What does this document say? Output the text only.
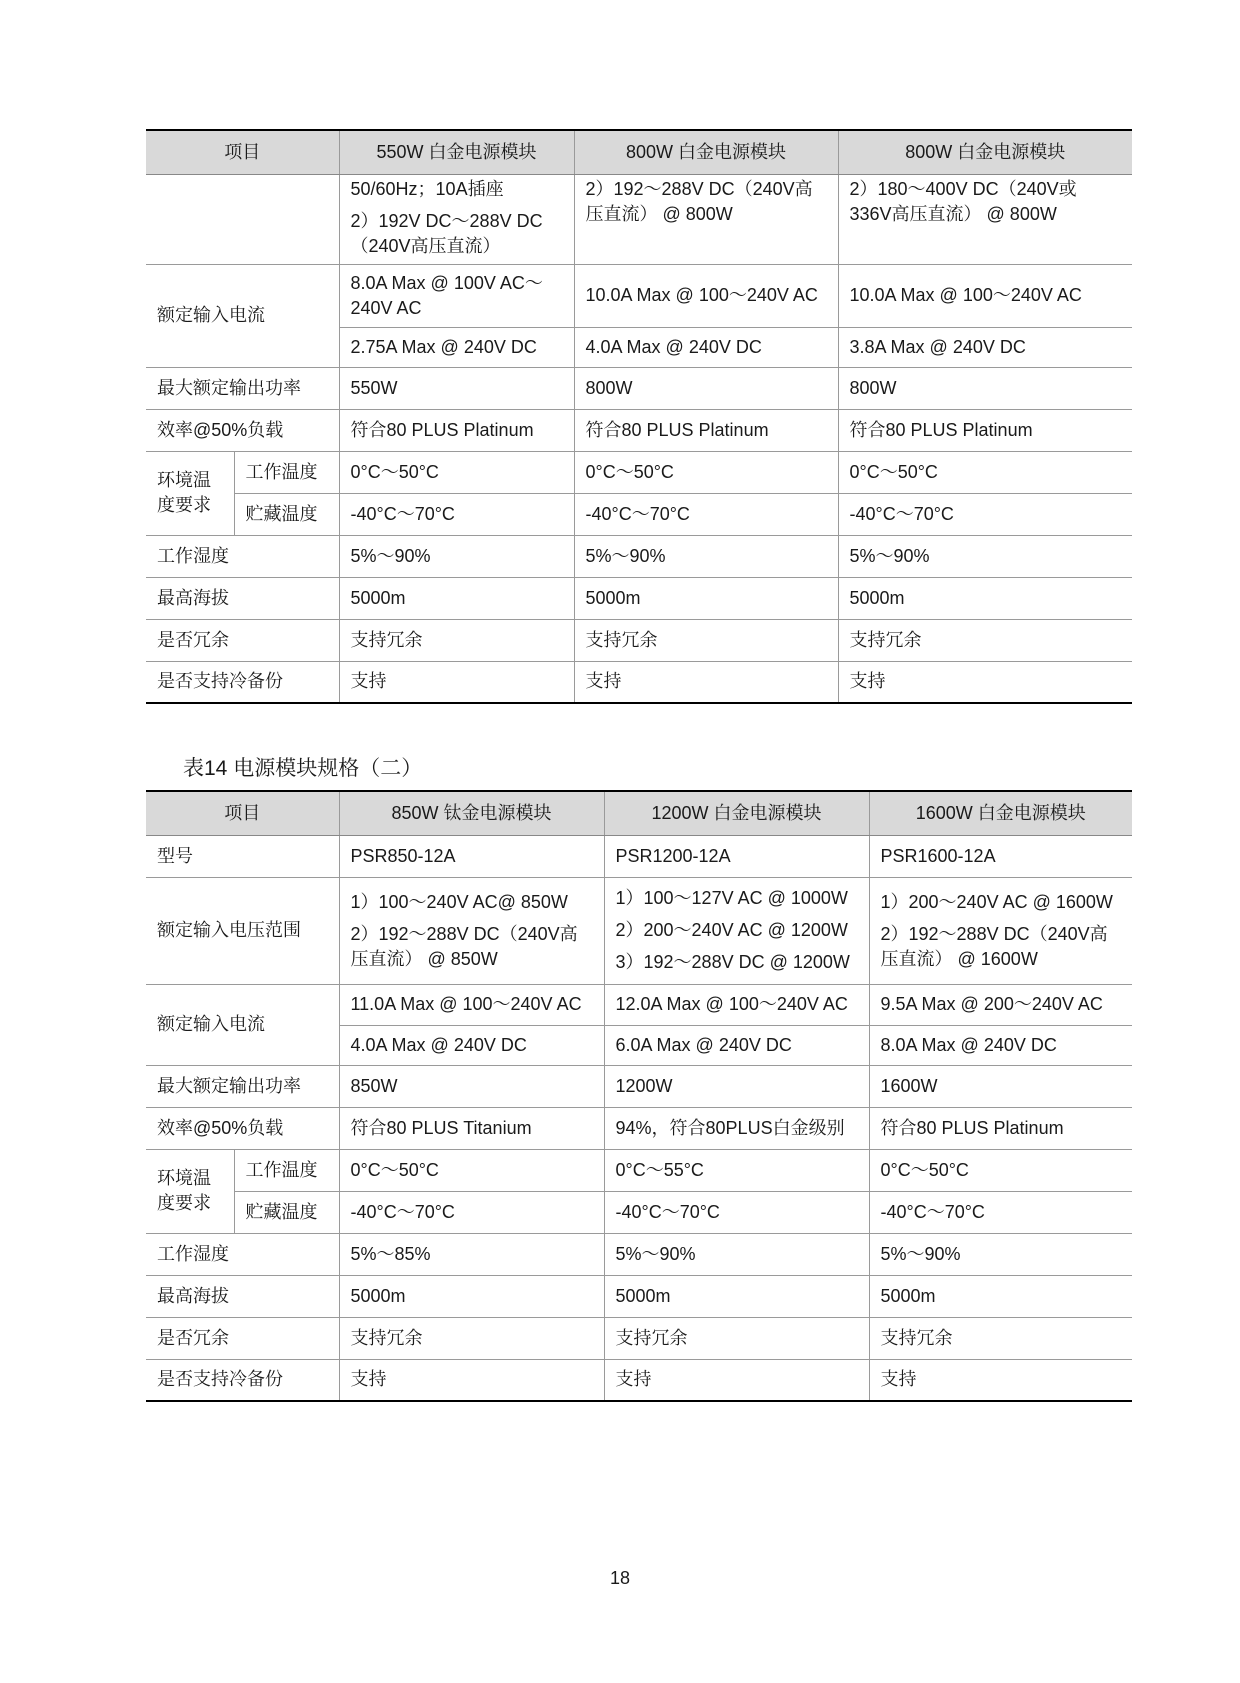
项目		550W 白金电源模块	800W 白金电源模块	800W 白金电源模块

		50/60Hz；10A插座
2）192V DC～288V DC
（240V高压直流）	2）192～288V DC（240V高
压直流） @ 800W	2）180～400V DC（240V或
336V高压直流） @ 800W

额定输入电流		8.0A Max @ 100V AC～ 240V AC	10.0A Max @ 100～240V AC	10.0A Max @ 100～240V AC
		2.75A Max @ 240V DC	4.0A Max @ 240V DC	3.8A Max @ 240V DC
最大额定输出功率		550W	800W	800W
效率@50%负载		符合80 PLUS Platinum	符合80 PLUS Platinum	符合80 PLUS Platinum
环境温度要求	工作温度	0°C～50°C	0°C～50°C	0°C～50°C
	贮藏温度	-40°C～70°C	-40°C～70°C	-40°C～70°C
工作湿度		5%～90%	5%～90%	5%～90%
最高海拔		5000m	5000m	5000m
是否冗余		支持冗余	支持冗余	支持冗余
是否支持冷备份		支持	支持	支持
表14 电源模块规格（二）
项目		850W 钛金电源模块	1200W 白金电源模块	1600W 白金电源模块
型号		PSR850-12A	PSR1200-12A	PSR1600-12A
额定输入电压范围		1）100～240V AC@ 850W
2）192～288V DC（240V高
压直流） @ 850W	1）100～127V AC @ 1000W
2）200～240V AC @ 1200W
3）192～288V DC @ 1200W	1）200～240V AC @ 1600W
2）192～288V DC（240V高
压直流） @ 1600W

额定输入电流		11.0A Max @ 100～240V AC	12.0A Max @ 100～240V AC	9.5A Max @ 200～240V AC
		4.0A Max @ 240V DC	6.0A Max @ 240V DC	8.0A Max @ 240V DC
最大额定输出功率		850W	1200W	1600W
效率@50%负载		符合80 PLUS Titanium	94%，符合80PLUS白金级别	符合80 PLUS Platinum
环境温度要求	工作温度	0°C～50°C	0°C～55°C	0°C～50°C
	贮藏温度	-40°C～70°C	-40°C～70°C	-40°C～70°C
工作湿度		5%～85%	5%～90%	5%～90%
最高海拔		5000m	5000m	5000m
是否冗余		支持冗余	支持冗余	支持冗余
是否支持冷备份		支持	支持	支持
18
